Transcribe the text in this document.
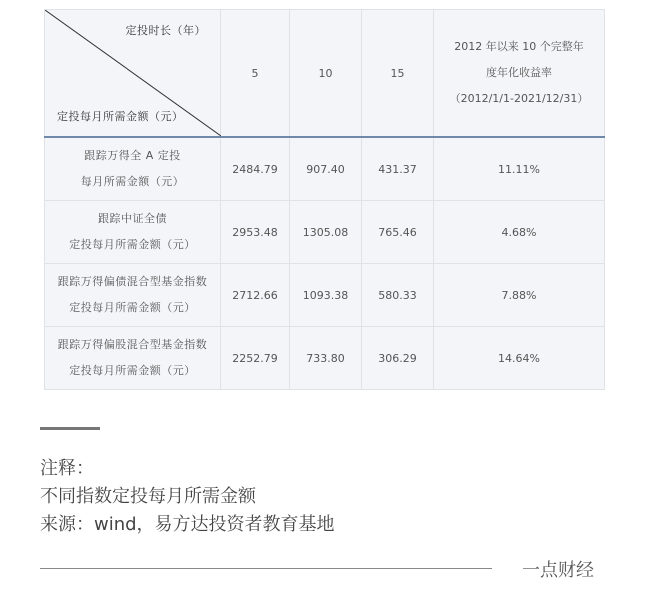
定投时长（年）
定投每月所需金额（元）	5	10	15	2012 年以来 10 个完整年
度年化收益率
（2012/1/1-2021/12/31）

跟踪万得全 A 定投
每月所需金额（元）	2484.79	907.40	431.37	11.11%

跟踪中证全债
定投每月所需金额（元）	2953.48	1305.08	765.46	4.68%

跟踪万得偏债混合型基金指数
定投每月所需金额（元）	2712.66	1093.38	580.33	7.88%

跟踪万得偏股混合型基金指数
定投每月所需金额（元）	2252.79	733.80	306.29	14.64%
注释：
不同指数定投每月所需金额
来源：wind，易方达投资者教育基地
一点财经
